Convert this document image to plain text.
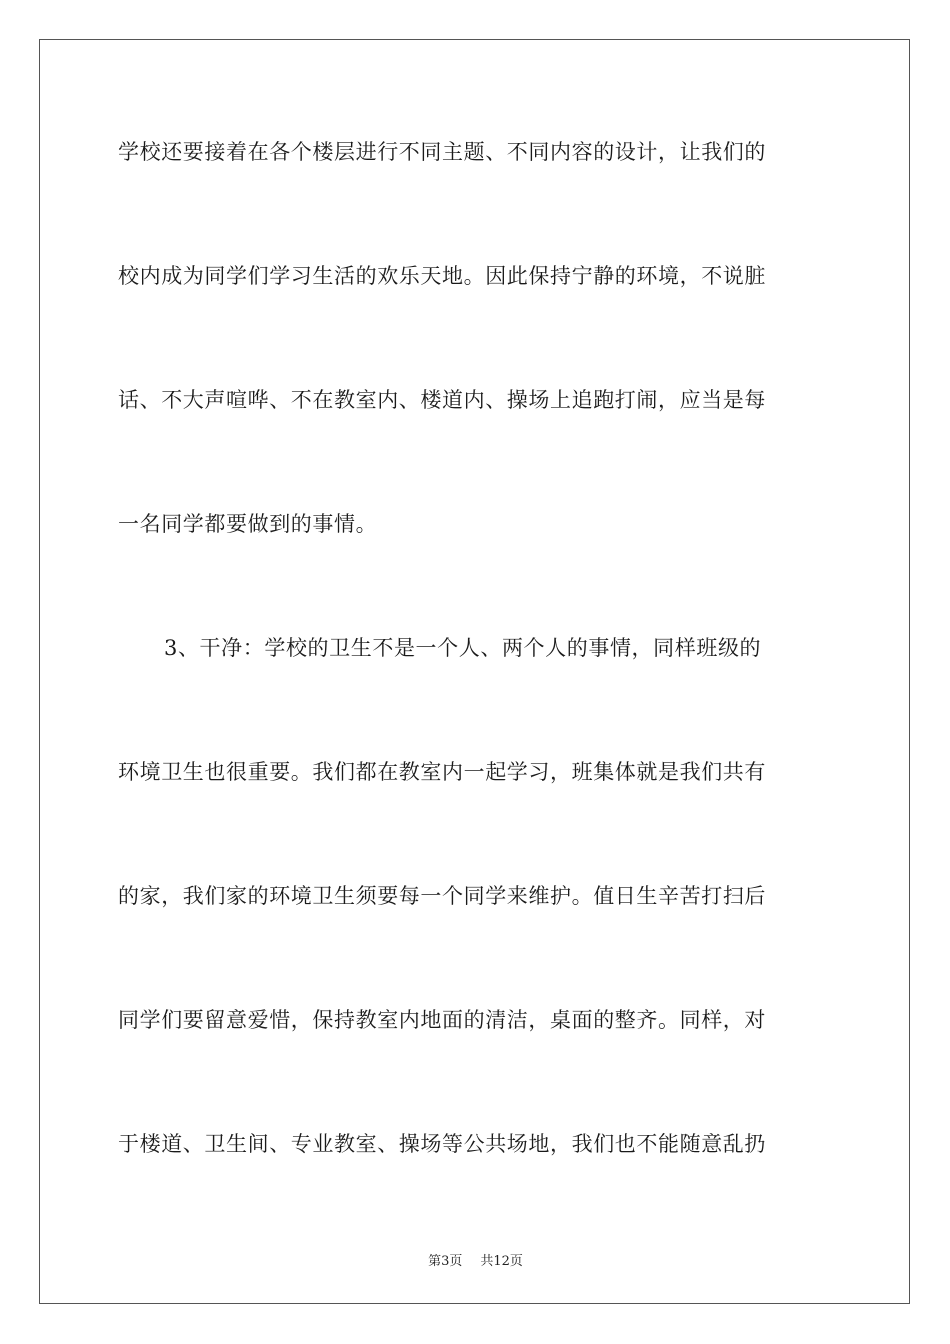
学校还要接着在各个楼层进行不同主题、不同内容的设计，让我们的
校内成为同学们学习生活的欢乐天地。因此保持宁静的环境，不说脏
话、不大声喧哗、不在教室内、楼道内、操场上追跑打闹，应当是每
一名同学都要做到的事情。
3、干净：学校的卫生不是一个人、两个人的事情，同样班级的
环境卫生也很重要。我们都在教室内一起学习，班集体就是我们共有
的家，我们家的环境卫生须要每一个同学来维护。值日生辛苦打扫后
同学们要留意爱惜，保持教室内地面的清洁，桌面的整齐。同样，对
于楼道、卫生间、专业教室、操场等公共场地，我们也不能随意乱扔
第3页 共12页
